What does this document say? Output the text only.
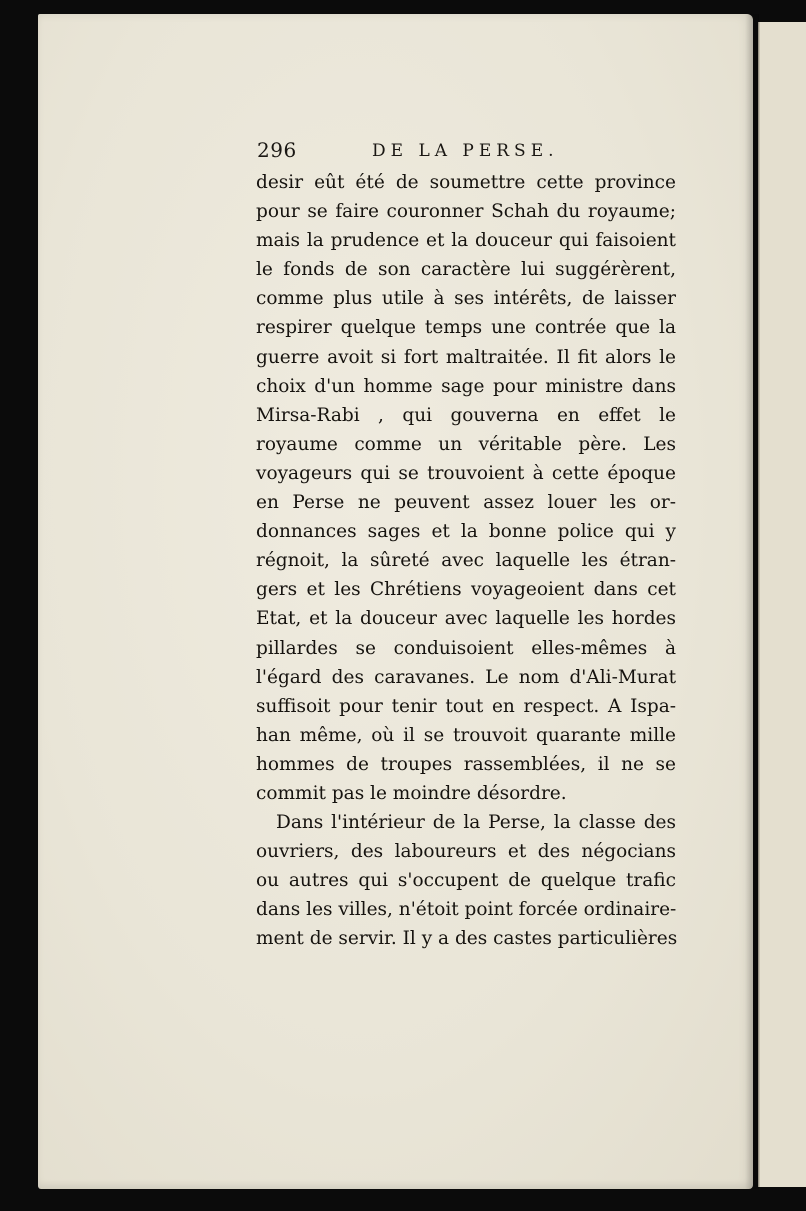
296	DE LA PERSE.
desir eût été de soumettre cette province
pour se faire couronner Schah du royaume;
mais la prudence et la douceur qui faisoient
le fonds de son caractère lui suggérèrent,
comme plus utile à ses intérêts, de laisser
respirer quelque temps une contrée que la
guerre avoit si fort maltraitée. Il fit alors le
choix d'un homme sage pour ministre dans
Mirsa-Rabi , qui gouverna en effet le
royaume comme un véritable père. Les
voyageurs qui se trouvoient à cette époque
en Perse ne peuvent assez louer les or-
donnances sages et la bonne police qui y
régnoit, la sûreté avec laquelle les étran-
gers et les Chrétiens voyageoient dans cet
Etat, et la douceur avec laquelle les hordes
pillardes se conduisoient elles-mêmes à
l'égard des caravanes. Le nom d'Ali-Murat
suffisoit pour tenir tout en respect. A Ispa-
han même, où il se trouvoit quarante mille
hommes de troupes rassemblées, il ne se
commit pas le moindre désordre.
Dans l'intérieur de la Perse, la classe des
ouvriers, des laboureurs et des négocians
ou autres qui s'occupent de quelque trafic
dans les villes, n'étoit point forcée ordinaire-
ment de servir. Il y a des castes particulières
